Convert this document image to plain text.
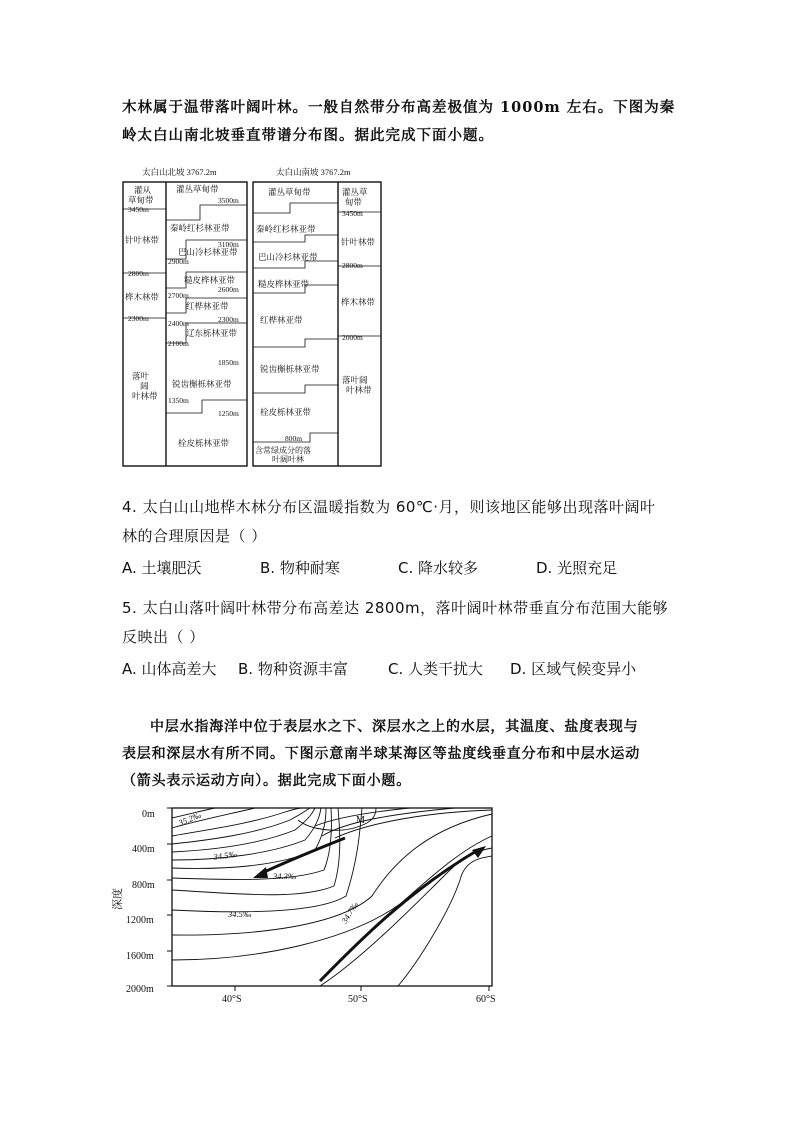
木林属于温带落叶阔叶林。一般自然带分布高差极值为 1000m 左右。下图为秦
岭太白山南北坡垂直带谱分布图。据此完成下面小题。
太白山北坡 3767.2m	太白山南坡 3767.2m
灌从
草甸带
3450m
针叶林带
2800m
桦木林带
2300m
落叶
阔
叶林带
灌丛草甸带
3500m
秦岭红杉林亚带
3100m
巴山冷杉林亚带
2900m
糙皮桦林亚带
2600m
2700m
红桦林亚带
2300m
2400m
辽东栎林亚带
2100m
1850m
锐齿槲栎林亚带
1350m
1250m
栓皮栎林亚带
灌丛草甸带
秦岭红杉林亚带
巴山冷杉林亚带
糙皮桦林亚带
红桦林亚带
锐齿槲栎林亚带
栓皮栎林亚带
800m
含常绿成分的落
叶阔叶林
灌丛草
甸带
3450m
针叶林带
2800m
桦木林带
2000m
落叶阔
叶林带
4. 太白山山地桦木林分布区温暖指数为 60℃·月，则该地区能够出现落叶阔叶
林的合理原因是（ ）
A. 土壤肥沃	B. 物种耐寒	C. 降水较多	D. 光照充足
5. 太白山落叶阔叶林带分布高差达 2800m，落叶阔叶林带垂直分布范围大能够
反映出（ ）
A. 山体高差大 B. 物种资源丰富	C. 人类干扰大 D. 区域气候变异小
中层水指海洋中位于表层水之下、深层水之上的水层，其温度、盐度表现与
表层和深层水有所不同。下图示意南半球某海区等盐度线垂直分布和中层水运动
（箭头表示运动方向）。据此完成下面小题。
0m
400m
800m
1200m
1600m
2000m
40°S	50°S	60°S
深度
35.2‰
34.5‰
34.3‰
34.5‰	34.7‰
M
